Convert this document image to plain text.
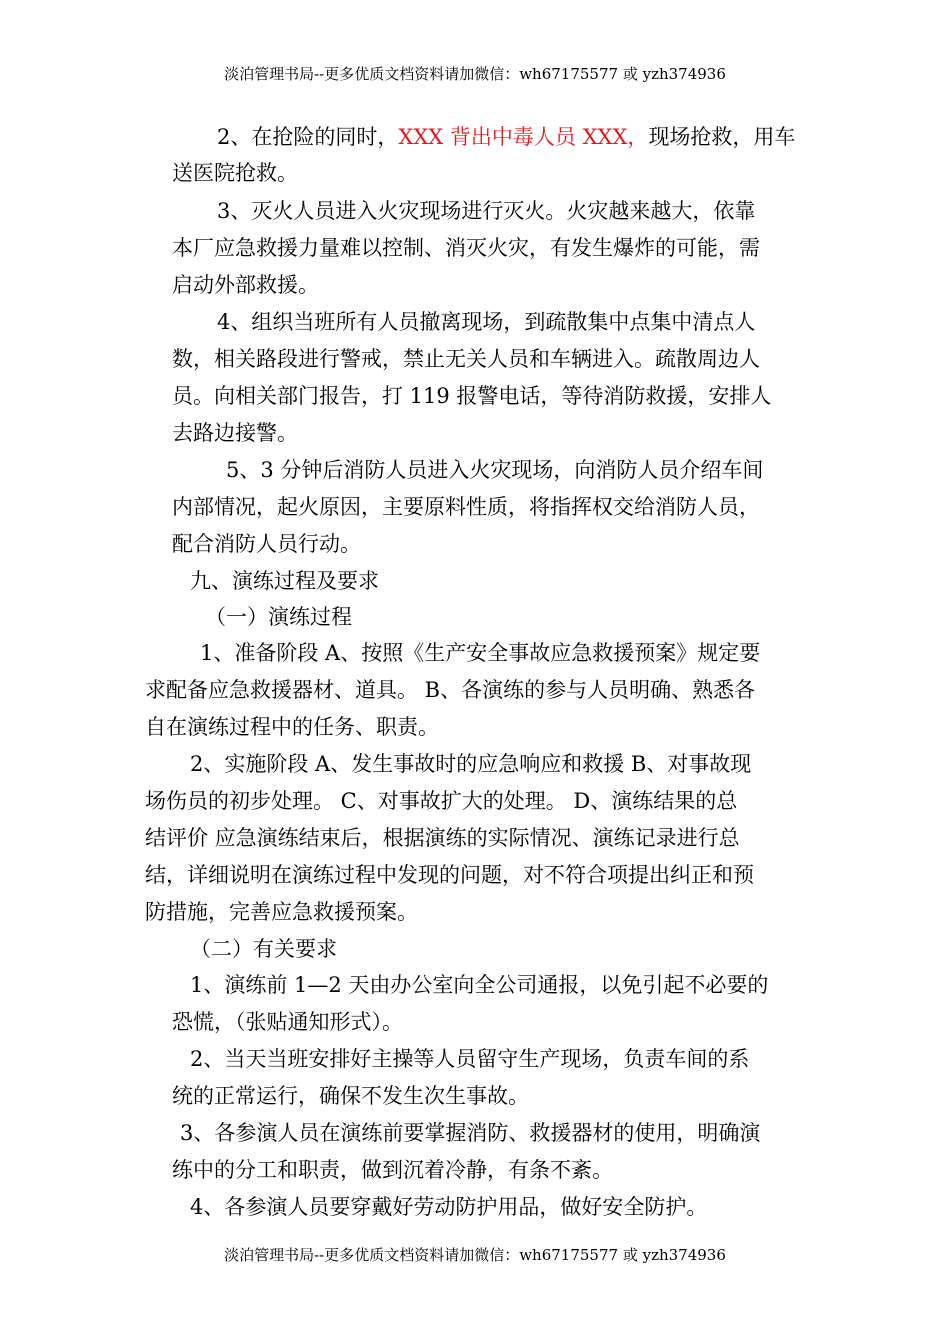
淡泊管理书局--更多优质文档资料请加微信：wh67175577 或 yzh374936
2、在抢险的同时，XXX 背出中毒人员 XXX，现场抢救，用车
送医院抢救。
3、灭火人员进入火灾现场进行灭火。火灾越来越大，依靠
本厂应急救援力量难以控制、消灭火灾，有发生爆炸的可能，需
启动外部救援。
4、组织当班所有人员撤离现场，到疏散集中点集中清点人
数，相关路段进行警戒，禁止无关人员和车辆进入。疏散周边人
员。向相关部门报告，打 119 报警电话，等待消防救援，安排人
去路边接警。
5、3 分钟后消防人员进入火灾现场，向消防人员介绍车间
内部情况，起火原因，主要原料性质，将指挥权交给消防人员，
配合消防人员行动。
九、演练过程及要求
（一）演练过程
1、准备阶段 A、按照《生产安全事故应急救援预案》规定要
求配备应急救援器材、道具。 B、各演练的参与人员明确、熟悉各
自在演练过程中的任务、职责。
2、实施阶段 A、发生事故时的应急响应和救援 B、对事故现
场伤员的初步处理。 C、对事故扩大的处理。 D、演练结果的总
结评价 应急演练结束后，根据演练的实际情况、演练记录进行总
结，详细说明在演练过程中发现的问题，对不符合项提出纠正和预
防措施，完善应急救援预案。
（二）有关要求
1、演练前 1—2 天由办公室向全公司通报，以免引起不必要的
恐慌，（张贴通知形式）。
2、当天当班安排好主操等人员留守生产现场，负责车间的系
统的正常运行，确保不发生次生事故。
3、各参演人员在演练前要掌握消防、救援器材的使用，明确演
练中的分工和职责，做到沉着冷静，有条不紊。
4、各参演人员要穿戴好劳动防护用品，做好安全防护。
淡泊管理书局--更多优质文档资料请加微信：wh67175577 或 yzh374936
